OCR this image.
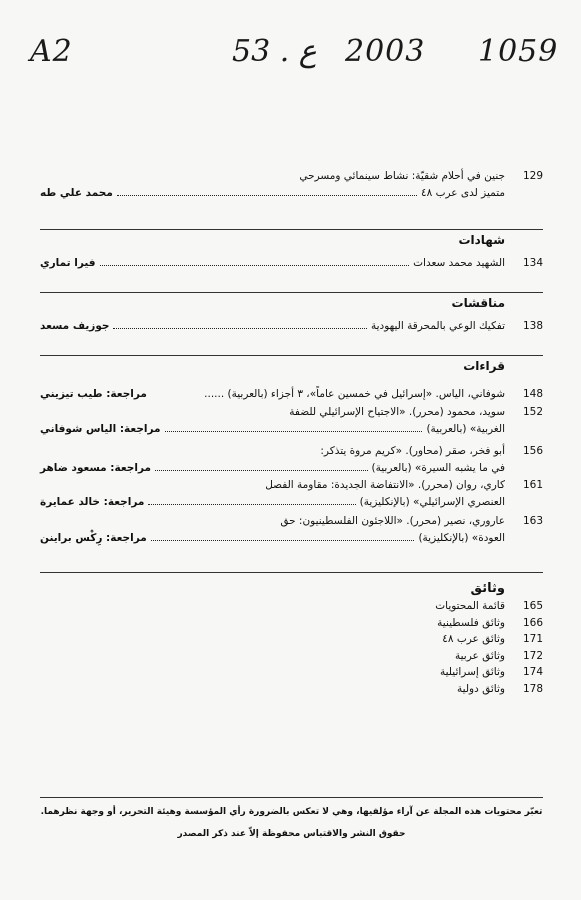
A2	53 . ع 2003 1059
129
جنين في أحلام شقيّة: نشاط سينمائي ومسرحي
متميز لدى عرب ٤٨
محمد علي طه
شهادات
134
الشهيد محمد سعدات
فيرا تماري
مناقشات
138
تفكيك الوعي بالمحرقة اليهودية
جوزيف مسعد
قراءات
148
شوفاني، الياس. «إسرائيل في خمسين عاماً»، ٣ أجزاء (بالعربية) ......
مراجعة: طيب تيزيني
152
سويد، محمود (محرر). «الاجتياح الإسرائيلي للضفة
الغربية» (بالعربية)
مراجعة: الياس شوفاني
156
أبو فخر، صقر (محاور). «كريم مروة يتذكر:
في ما يشبه السيرة» (بالعربية)
مراجعة: مسعود ضاهر
161
كاري، روان (محرر). «الانتفاضة الجديدة: مقاومة الفصل
العنصري الإسرائيلي» (بالإنكليزية)
مراجعة: خالد عمايرة
163
عاروري، نصير (محرر). «اللاجئون الفلسطينيون: حق
العودة» (بالإنكليزية)
مراجعة: رِكْس براينن
وثائق
165
قائمة المحتويات
166
وثائق فلسطينية
171
وثائق عرب ٤٨
172
وثائق عربية
174
وثائق إسرائيلية
178
وثائق دولية
تعبّر محتويات هذه المجلة عن آراء مؤلفيها، وهي لا تعكس بالضرورة رأي المؤسسة وهيئة التحرير، أو وجهة نظرهما.
حقوق النشر والاقتباس محفوظة إلاّ عند ذكر المصدر
